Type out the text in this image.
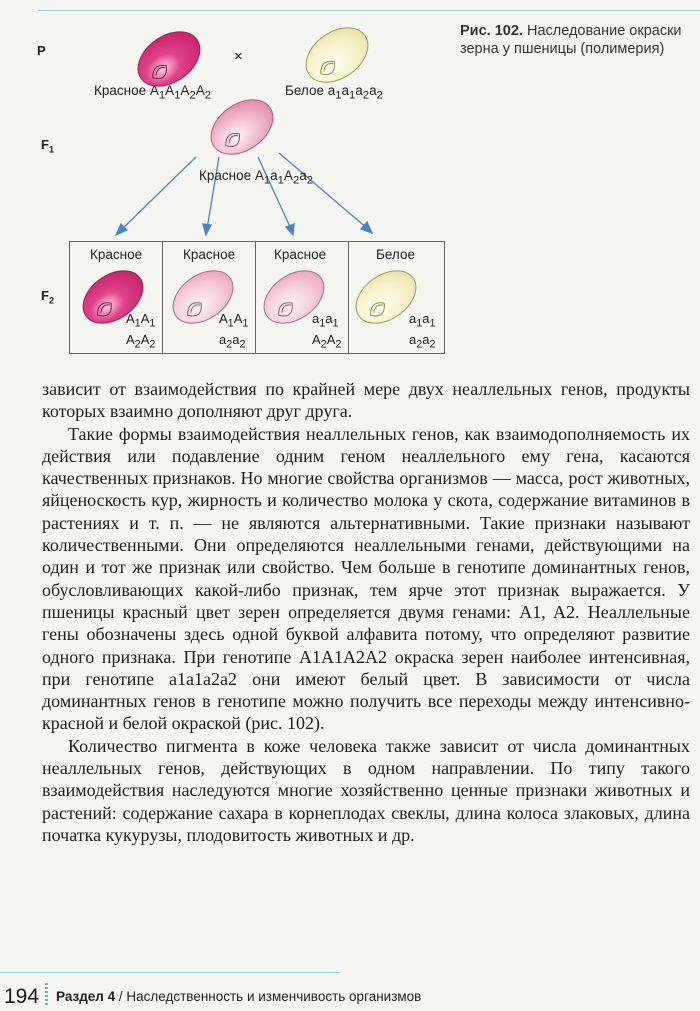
P
$F_1$
$F_2$
Рис. 102. Наследование окраски зерна у пшеницы (полимерия)
×
Красное $A_1A_1A_2A_2$	Белое $a_1a_1a_2a_2$
Красное $A_1a_1A_2a_2$
Красное
$A_1A_1$
$A_2A_2$
Красное
$A_1A_1$
$a_2a_2$
Красное
$a_1a_1$
$A_2A_2$
Белое
$a_1a_1$
$a_2a_2$

зависит от взаимодействия по крайней мере двух неаллельных генов, продукты которых взаимно дополняют друг друга.

Такие формы взаимодействия неаллельных генов, как взаимодополняемость их действия или подавление одним геном неаллельного ему гена, касаются качественных признаков. Но многие свойства организмов — масса, рост животных, яйценоскость кур, жирность и количество молока у скота, содержание витаминов в растениях и т. п. — не являются альтернативными. Такие признаки называют количественными. Они определяются неаллельными генами, действующими на один и тот же признак или свойство. Чем больше в генотипе доминантных генов, обусловливающих какой-либо признак, тем ярче этот признак выражается. У пшеницы красный цвет зерен определяется двумя генами: A1, A2. Неаллельные гены обозначены здесь одной буквой алфавита потому, что определяют развитие одного признака. При генотипе A1A1A2A2 окраска зерен наиболее интенсивная, при генотипе a1a1a2a2 они имеют белый цвет. В зависимости от числа доминантных генов в генотипе можно получить все переходы между интенсивно-красной и белой окраской (рис. 102).

Количество пигмента в коже человека также зависит от числа доминантных неаллельных генов, действующих в одном направлении. По типу такого взаимодействия наследуются многие хозяйственно ценные признаки животных и растений: содержание сахара в корнеплодах свеклы, длина колоса злаковых, длина початка кукурузы, плодовитость животных и др.

194 Раздел 4 / Наследственность и изменчивость организмов
